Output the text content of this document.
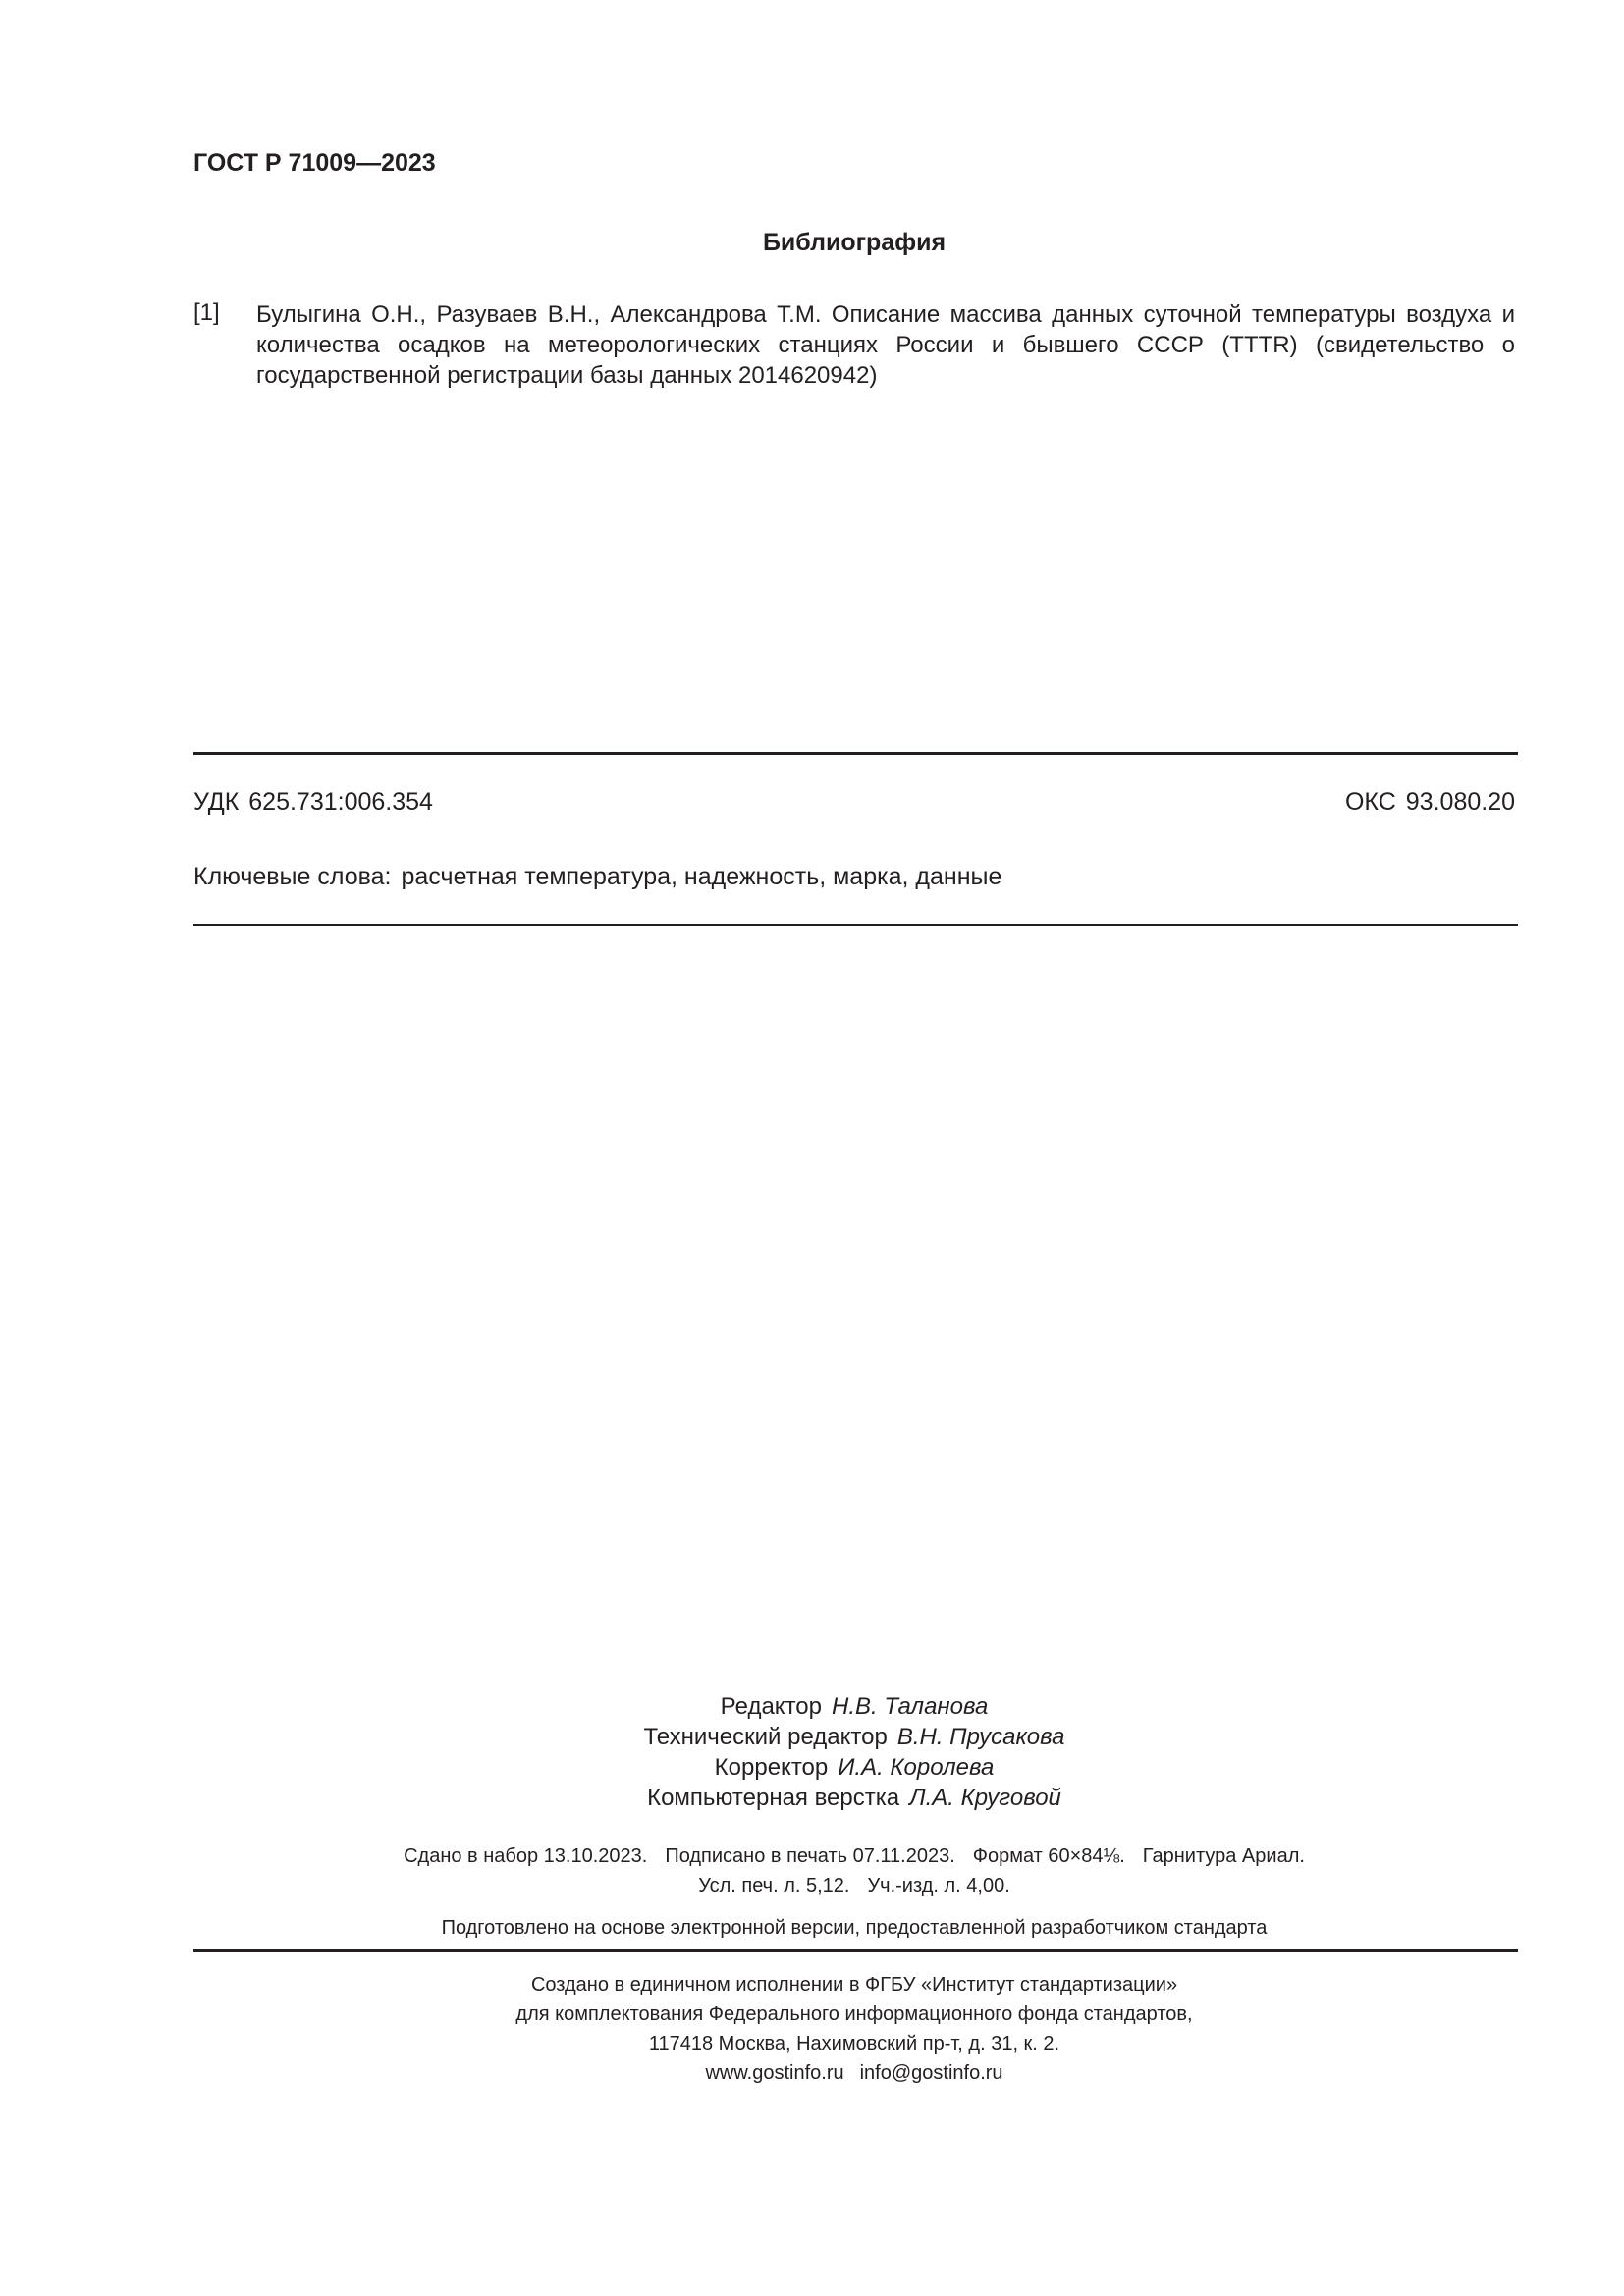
ГОСТ Р 71009—2023
Библиография
[1] Булыгина О.Н., Разуваев В.Н., Александрова Т.М. Описание массива данных суточной температуры воздуха и количества осадков на метеорологических станциях России и бывшего СССР (TTTR) (свидетельство о государственной регистрации базы данных 2014620942)
УДК 625.731:006.354	ОКС 93.080.20
Ключевые слова: расчетная температура, надежность, марка, данные
Редактор Н.В. Таланова
Технический редактор В.Н. Прусакова
Корректор И.А. Королева
Компьютерная верстка Л.А. Круговой
Сдано в набор 13.10.2023. Подписано в печать 07.11.2023. Формат 60×84⅛. Гарнитура Ариал.
Усл. печ. л. 5,12. Уч.-изд. л. 4,00.
Подготовлено на основе электронной версии, предоставленной разработчиком стандарта
Создано в единичном исполнении в ФГБУ «Институт стандартизации»
для комплектования Федерального информационного фонда стандартов,
117418 Москва, Нахимовский пр-т, д. 31, к. 2.
www.gostinfo.ru info@gostinfo.ru
